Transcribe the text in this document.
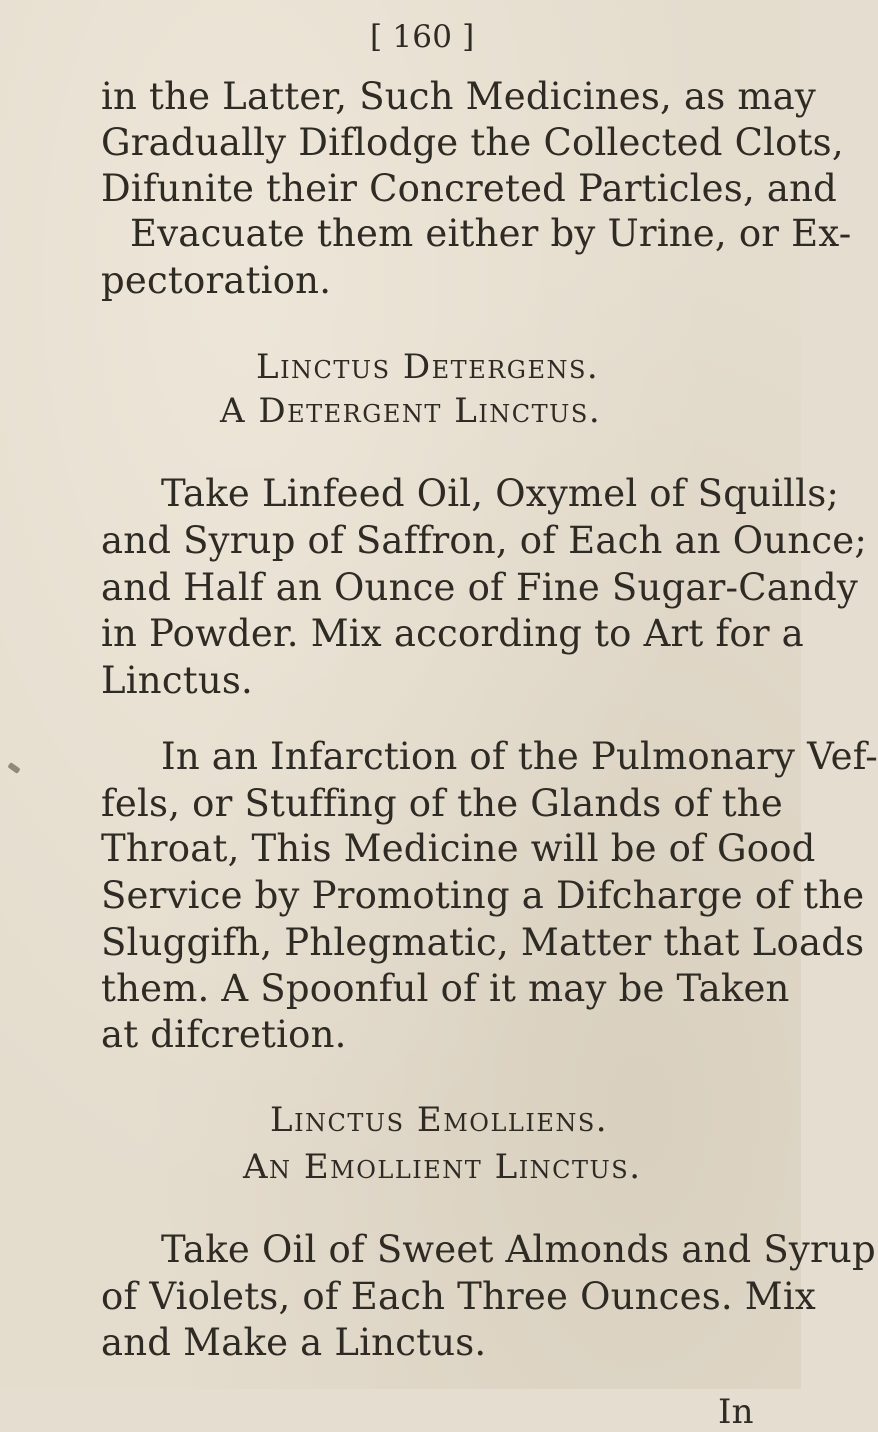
[ 160 ]
in the Latter, Such Medicines, as may
Gradually Diflodge the Collected Clots,
Difunite their Concreted Particles, and
Evacuate them either by Urine, or Ex-
pectoration.
Linctus Detergens.
A Detergent Linctus.
Take Linfeed Oil, Oxymel of Squills;
and Syrup of Saffron, of Each an Ounce;
and Half an Ounce of Fine Sugar-Candy
in Powder. Mix according to Art for a
Linctus.
In an Infarction of the Pulmonary Vef-
fels, or Stuffing of the Glands of the
Throat, This Medicine will be of Good
Service by Promoting a Difcharge of the
Sluggifh, Phlegmatic, Matter that Loads
them. A Spoonful of it may be Taken
at difcretion.
Linctus Emolliens.
An Emollient Linctus.
Take Oil of Sweet Almonds and Syrup
of Violets, of Each Three Ounces. Mix
and Make a Linctus.
In
